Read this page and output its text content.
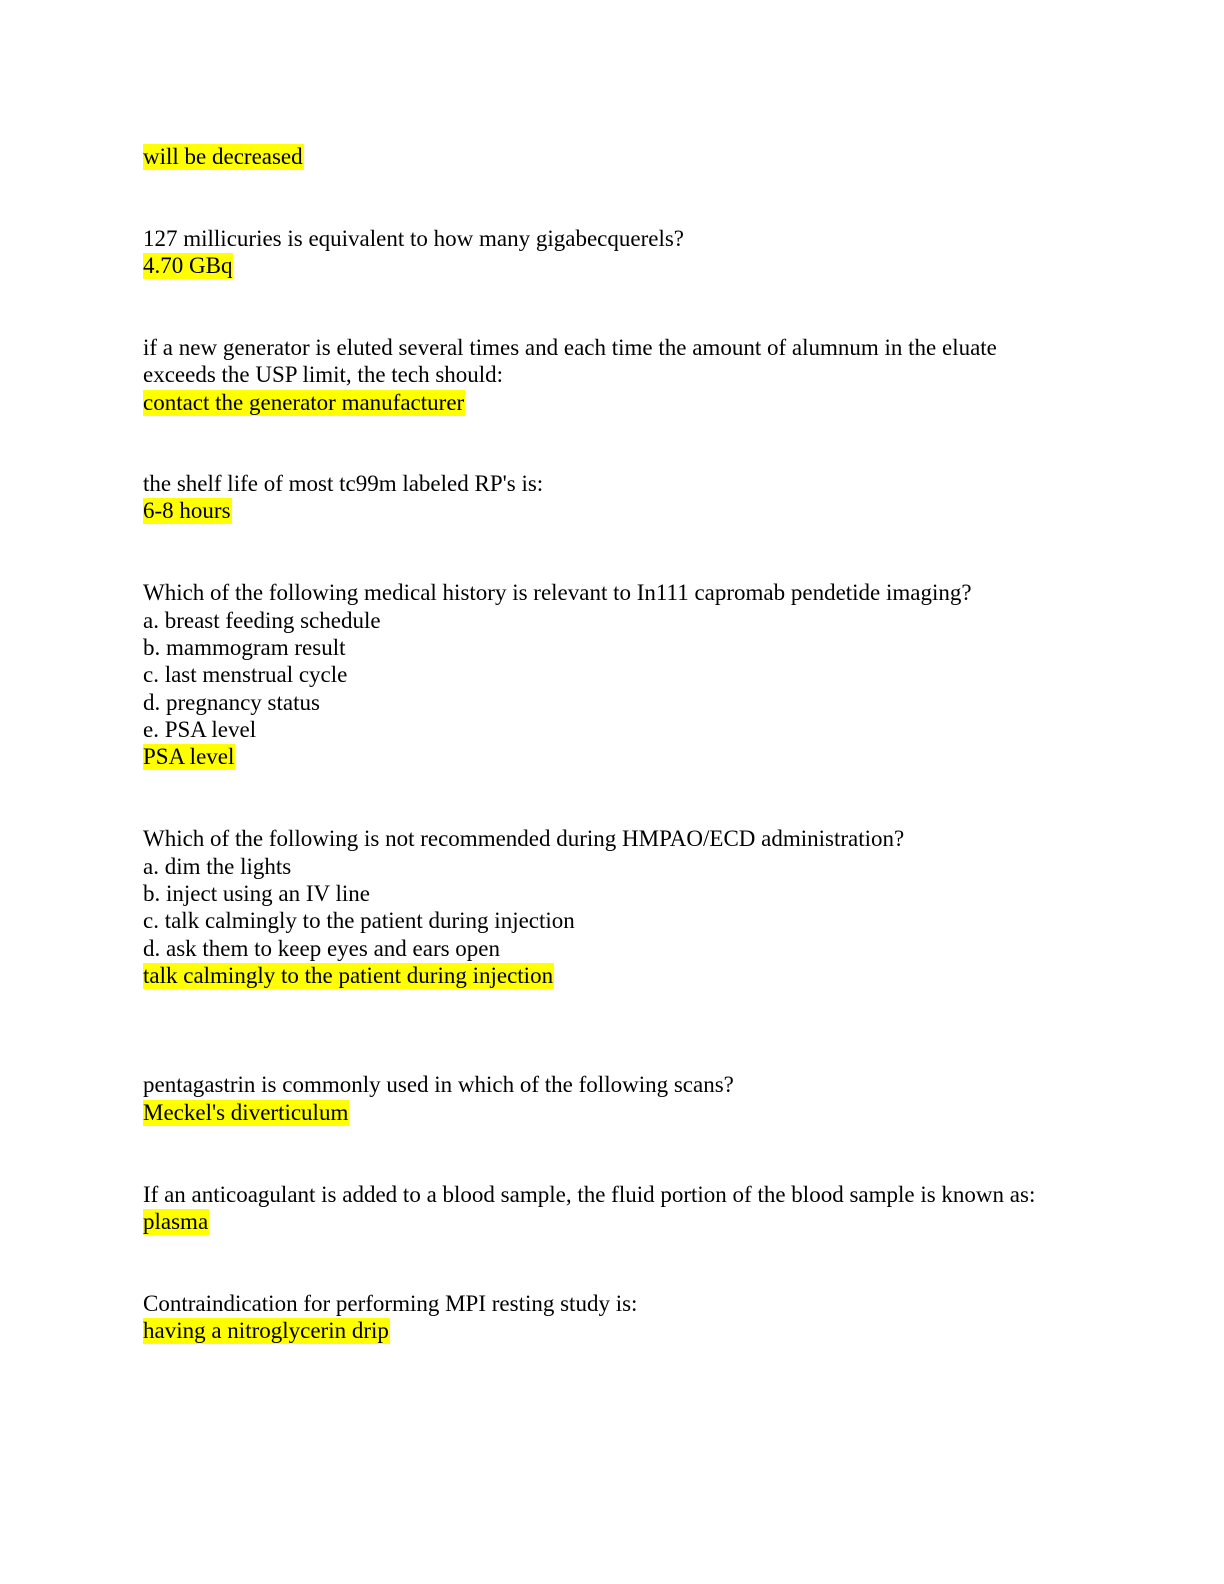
will be decreased
127 millicuries is equivalent to how many gigabecquerels?
4.70 GBq
if a new generator is eluted several times and each time the amount of alumnum in the eluate
exceeds the USP limit, the tech should:
contact the generator manufacturer
the shelf life of most tc99m labeled RP's is:
6-8 hours
Which of the following medical history is relevant to In111 capromab pendetide imaging?
a. breast feeding schedule
b. mammogram result
c. last menstrual cycle
d. pregnancy status
e. PSA level
PSA level
Which of the following is not recommended during HMPAO/ECD administration?
a. dim the lights
b. inject using an IV line
c. talk calmingly to the patient during injection
d. ask them to keep eyes and ears open
talk calmingly to the patient during injection
pentagastrin is commonly used in which of the following scans?
Meckel's diverticulum
If an anticoagulant is added to a blood sample, the fluid portion of the blood sample is known as:
plasma
Contraindication for performing MPI resting study is:
having a nitroglycerin drip
